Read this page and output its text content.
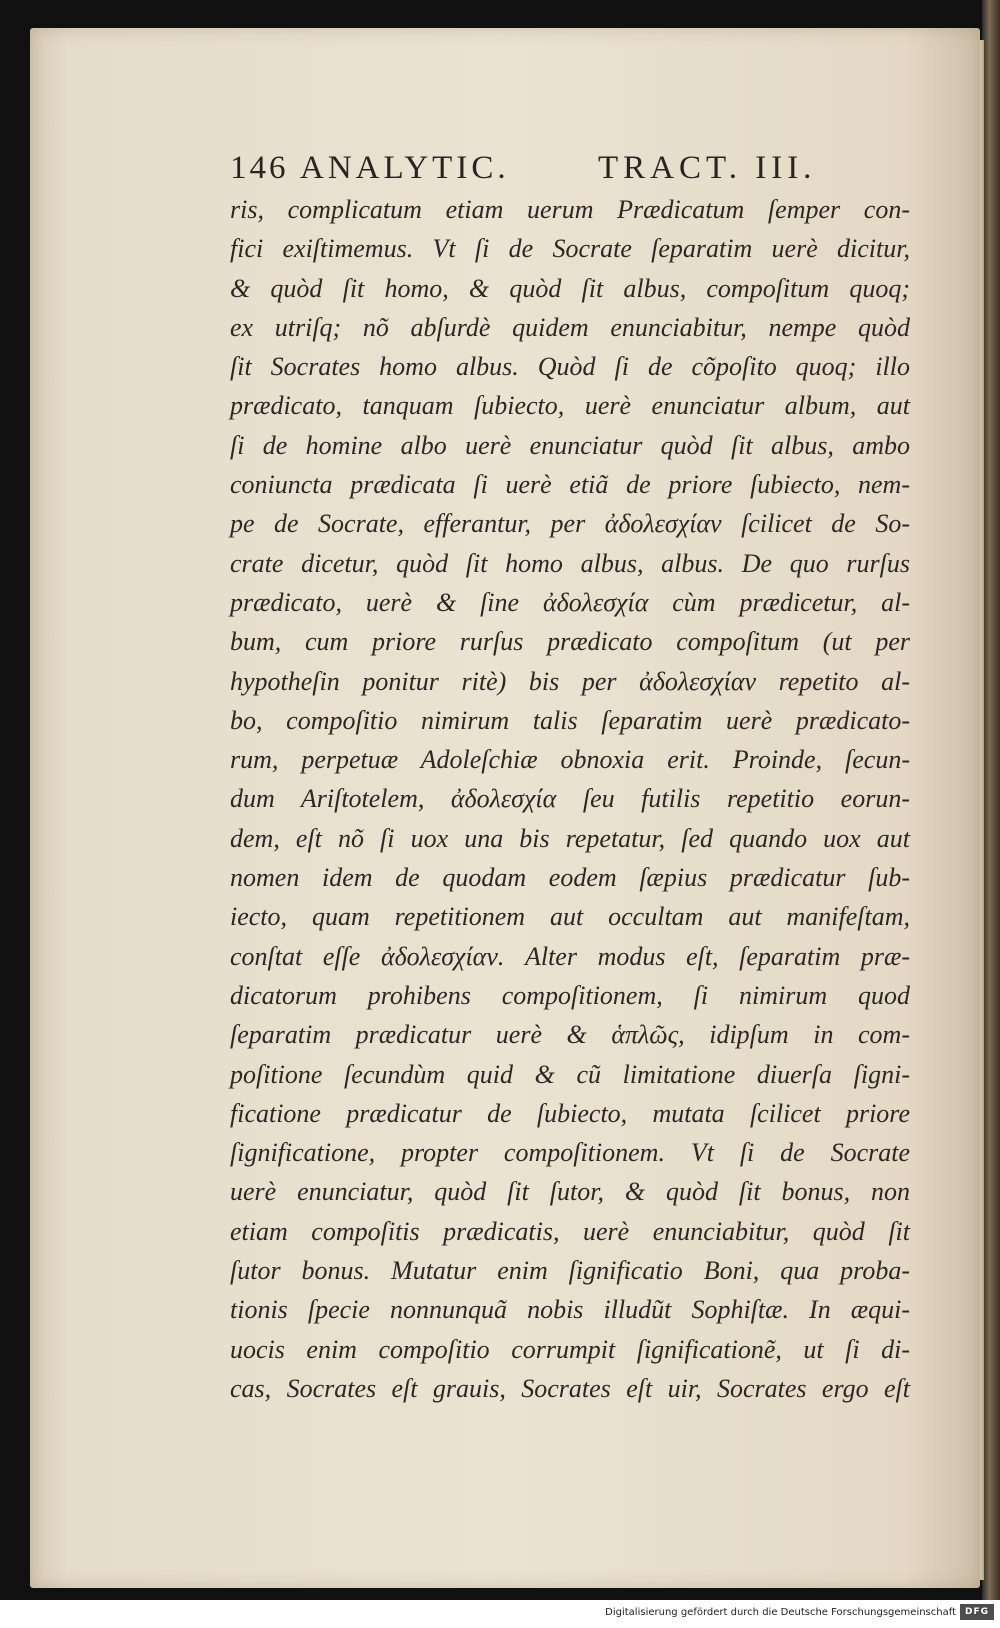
146 ANALYTIC.	TRACT. III.
ris, complicatum etiam uerum Prædicatum ſemper con-
fici exiſtimemus. Vt ſi de Socrate ſeparatim uerè dicitur,
& quòd ſit homo, & quòd ſit albus, compoſitum quoq;
ex utriſq; nõ abſurdè quidem enunciabitur, nempe quòd
ſit Socrates homo albus. Quòd ſi de cõpoſito quoq; illo
prædicato, tanquam ſubiecto, uerè enunciatur album, aut
ſi de homine albo uerè enunciatur quòd ſit albus, ambo
coniuncta prædicata ſi uerè etiã de priore ſubiecto, nem-
pe de Socrate, efferantur, per ἀδολεσχίαν ſcilicet de So-
crate dicetur, quòd ſit homo albus, albus. De quo rurſus
prædicato, uerè & ſine ἀδολεσχία cùm prædicetur, al-
bum, cum priore rurſus prædicato compoſitum (ut per
hypotheſin ponitur ritè) bis per ἀδολεσχίαν repetito al-
bo, compoſitio nimirum talis ſeparatim uerè prædicato-
rum, perpetuæ Adoleſchiæ obnoxia erit. Proinde, ſecun-
dum Ariſtotelem, ἀδολεσχία ſeu futilis repetitio eorun-
dem, eſt nõ ſi uox una bis repetatur, ſed quando uox aut
nomen idem de quodam eodem ſæpius prædicatur ſub-
iecto, quam repetitionem aut occultam aut manifeſtam,
conſtat eſſe ἀδολεσχίαν. Alter modus eſt, ſeparatim præ-
dicatorum prohibens compoſitionem, ſi nimirum quod
ſeparatim prædicatur uerè & ἁπλῶς, idipſum in com-
poſitione ſecundùm quid & cũ limitatione diuerſa ſigni-
ficatione prædicatur de ſubiecto, mutata ſcilicet priore
ſignificatione, propter compoſitionem. Vt ſi de Socrate
uerè enunciatur, quòd ſit ſutor, & quòd ſit bonus, non
etiam compoſitis prædicatis, uerè enunciabitur, quòd ſit
ſutor bonus. Mutatur enim ſignificatio Boni, qua proba-
tionis ſpecie nonnunquã nobis illudũt Sophiſtæ. In æqui-
uocis enim compoſitio corrumpit ſignificationẽ, ut ſi di-
cas, Socrates eſt grauis, Socrates eſt uir, Socrates ergo eſt
Digitalisierung gefördert durch die Deutsche Forschungsgemeinschaft DFG
